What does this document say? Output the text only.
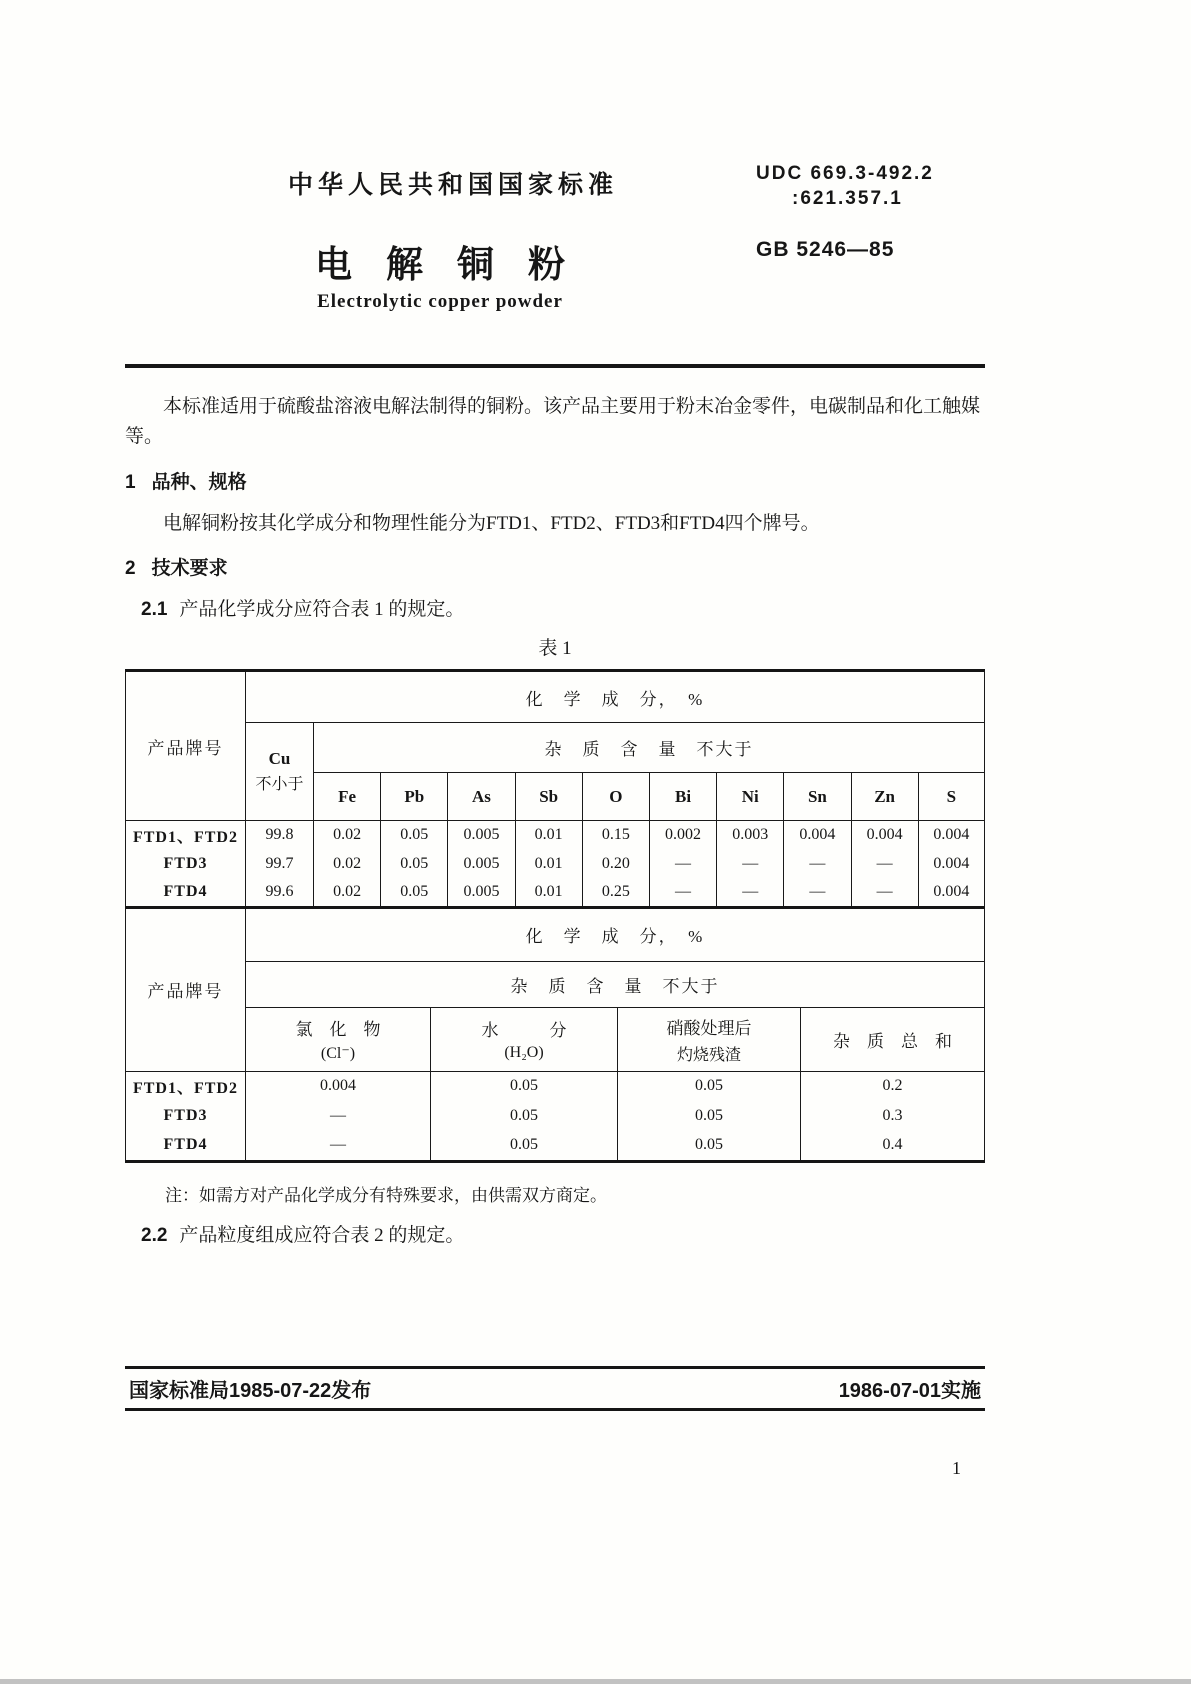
中华人民共和国国家标准	UDC 669.3-492.2
:621.357.1
电解铜粉	GB 5246—85
Electrolytic copper powder

本标准适用于硫酸盐溶液电解法制得的铜粉。该产品主要用于粉末冶金零件，电碳制品和化工触媒等。

1 品种、规格

电解铜粉按其化学成分和物理性能分为FTD1、FTD2、FTD3和FTD4四个牌号。

2 技术要求

2.1 产品化学成分应符合表 1 的规定。

表 1
产品牌号	化　学　成　分，　%										

	Cu
不小于	杂　质　含　量　不大于									
		Fe	Pb	As	Sb	O	Bi	Ni	Sn	Zn	S
FTD1、FTD2	99.8	0.02	0.05	0.005	0.01	0.15	0.002	0.003	0.004	0.004	0.004
FTD3	99.7	0.02	0.05	0.005	0.01	0.20	—	—	—	—	0.004
FTD4	99.6	0.02	0.05	0.005	0.01	0.25	—	—	—	—	0.004
产品牌号	化　学　成　分，　%			
	杂　质　含　量　不大于			

氯　化　物
(Cl⁻)

水　　　分
(H₂O)

硝酸处理后
灼烧残渣
	杂　质　总　和
FTD1、FTD2	0.004	0.05	0.05	0.2
FTD3	—	0.05	0.05	0.3
FTD4	—	0.05	0.05	0.4

注：如需方对产品化学成分有特殊要求，由供需双方商定。

2.2 产品粒度组成应符合表 2 的规定。

国家标准局1985-07-22发布	1986-07-01实施
1
